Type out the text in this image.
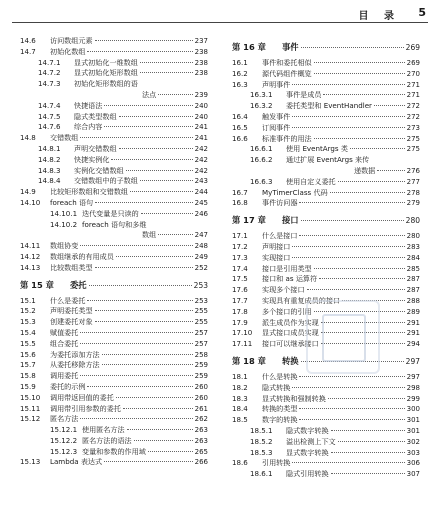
目 录 5
14.6	访问数组元素	237
14.7	初始化数组	238
14.7.1	显式初始化一维数组	238
14.7.2	显式初始化矩形数组	238
14.7.3	初始化矩形数组的语
法点	239
14.7.4	快捷语法	240
14.7.5	隐式类型数组	240
14.7.6	综合内容	241
14.8	交错数组	241
14.8.1	声明交错数组	242
14.8.2	快捷实例化	242
14.8.3	实例化交错数组	242
14.8.4	交错数组中的子数组	243
14.9	比较矩形数组和交错数组	244
14.10	foreach 语句	245
14.10.1 迭代变量是只读的	246
14.10.2 foreach 语句和多维
数组	247
14.11	数组协变	248
14.12	数组继承的有用成员	249
14.13	比较数组类型	252
第 15 章	委托	253
15.1	什么是委托	253
15.2	声明委托类型	255
15.3	创建委托对象	255
15.4	赋值委托	257
15.5	组合委托	257
15.6	为委托添加方法	258
15.7	从委托移除方法	259
15.8	调用委托	259
15.9	委托的示例	260
15.10	调用带返回值的委托	260
15.11	调用带引用参数的委托	261
15.12	匿名方法	262
15.12.1 使用匿名方法	263
15.12.2 匿名方法的语法	263
15.12.3 变量和参数的作用域	265
15.13	Lambda 表达式	266
第 16 章	事件	269
16.1	事件和委托相似	269
16.2	源代码组件概览	270
16.3	声明事件	271
16.3.1	事件是成员	271
16.3.2	委托类型和 EventHandler	272
16.4	触发事件	272
16.5	订阅事件	273
16.6	标准事件的用法	275
16.6.1	使用 EventArgs 类	275
16.6.2	通过扩展 EventArgs 来传
递数据	276
16.6.3	使用自定义委托	277
16.7	MyTimerClass 代码	278
16.8	事件访问器	279
第 17 章	接口	280
17.1	什么是接口	280
17.2	声明接口	283
17.3	实现接口	284
17.4	接口是引用类型	285
17.5	接口和 as 运算符	287
17.6	实现多个接口	287
17.7	实现具有重复成员的接口	288
17.8	多个接口的引用	289
17.9	派生成员作为实现	291
17.10	显式接口成员实现	291
17.11	接口可以继承接口	294
第 18 章	转换	297
18.1	什么是转换	297
18.2	隐式转换	298
18.3	显式转换和强制转换	299
18.4	转换的类型	300
18.5	数字的转换	301
18.5.1	隐式数字转换	301
18.5.2	溢出检测上下文	302
18.5.3	显式数字转换	303
18.6	引用转换	306
18.6.1	隐式引用转换	307
